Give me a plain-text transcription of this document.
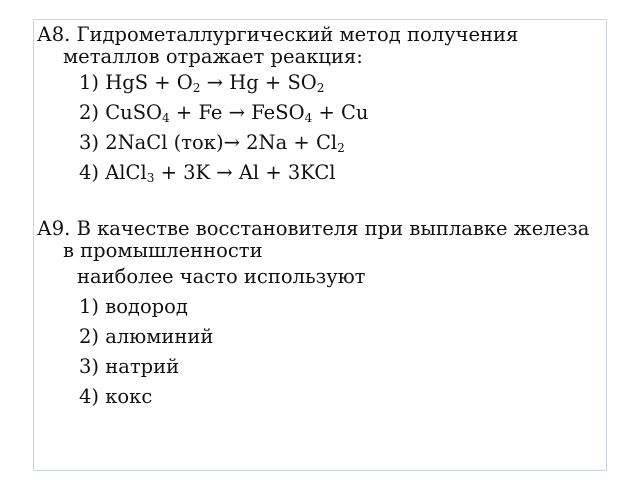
А8. Гидрометаллургический метод получения металлов отражает реакция:

1) HgS + $O_2 \to Hg + SO_2$
2) CuSO$_4$ + Fe → FeSO$_4$ + Cu
3) 2NaCl $(ток)\to 2Na + Cl_2$
4) AlCl$_3$ + 3K → Al + 3KCl

А9. В качестве восстановителя при выплавке железа в промышленности

наиболее часто используют

1) водород
2) алюминий
3) натрий
4) кокс
